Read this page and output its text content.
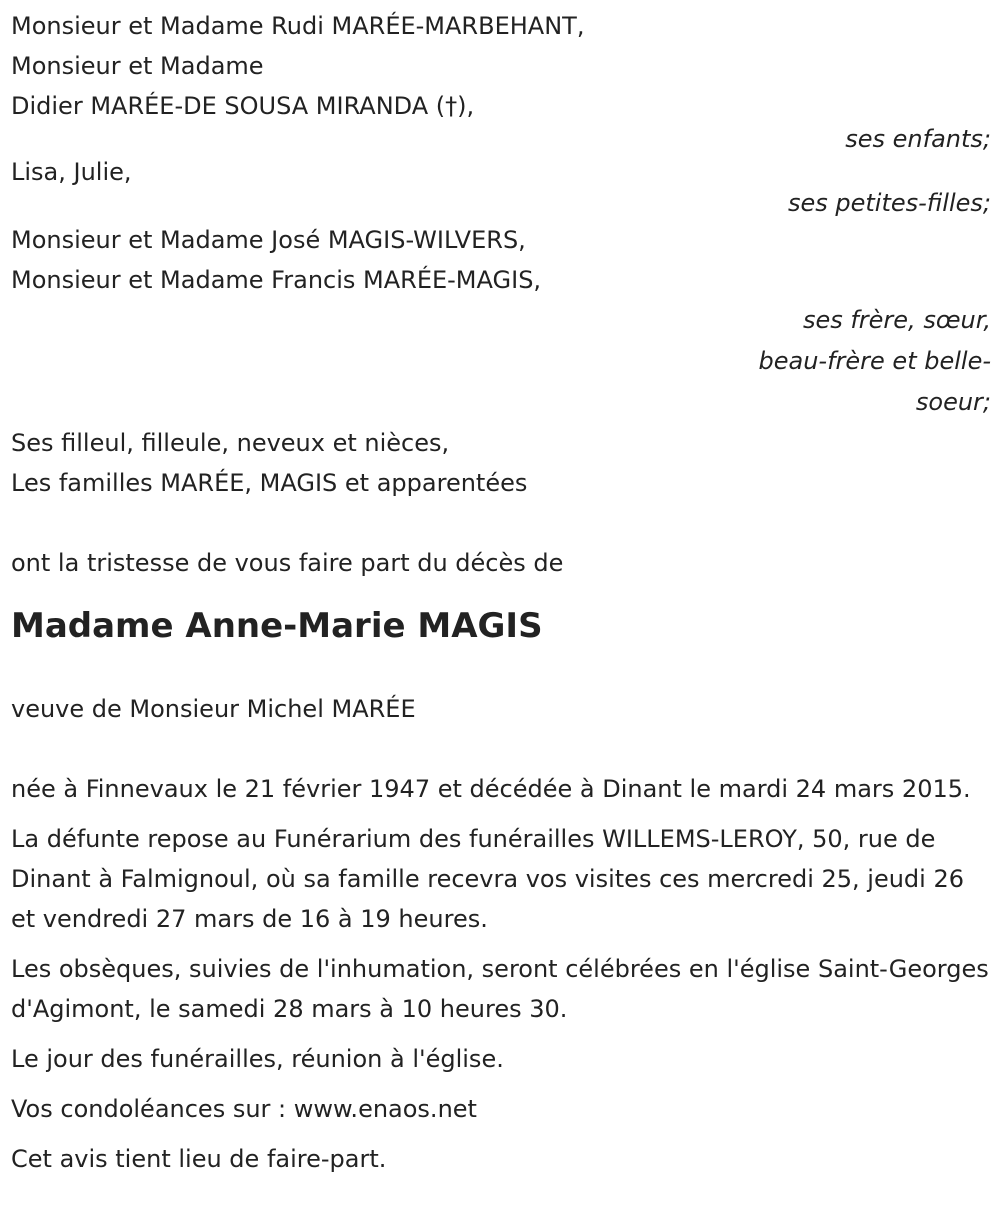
Monsieur et Madame Rudi MARÉE-MARBEHANT,
Monsieur et Madame
Didier MARÉE-DE SOUSA MIRANDA (†),
ses enfants;
Lisa, Julie,
ses petites-filles;
Monsieur et Madame José MAGIS-WILVERS,
Monsieur et Madame Francis MARÉE-MAGIS,
ses frère, sœur,
beau-frère et belle-
soeur;
Ses filleul, filleule, neveux et nièces,
Les familles MARÉE, MAGIS et apparentées
ont la tristesse de vous faire part du décès de
Madame Anne-Marie MAGIS
veuve de Monsieur Michel MARÉE
née à Finnevaux le 21 février 1947 et décédée à Dinant le mardi 24 mars 2015.
La défunte repose au Funérarium des funérailles WILLEMS-LEROY, 50, rue de Dinant à Falmignoul, où sa famille recevra vos visites ces mercredi 25, jeudi 26 et vendredi 27 mars de 16 à 19 heures.
Les obsèques, suivies de l'inhumation, seront célébrées en l'église Saint-Georges d'Agimont, le samedi 28 mars à 10 heures 30.
Le jour des funérailles, réunion à l'église.
Vos condoléances sur : www.enaos.net
Cet avis tient lieu de faire-part.
